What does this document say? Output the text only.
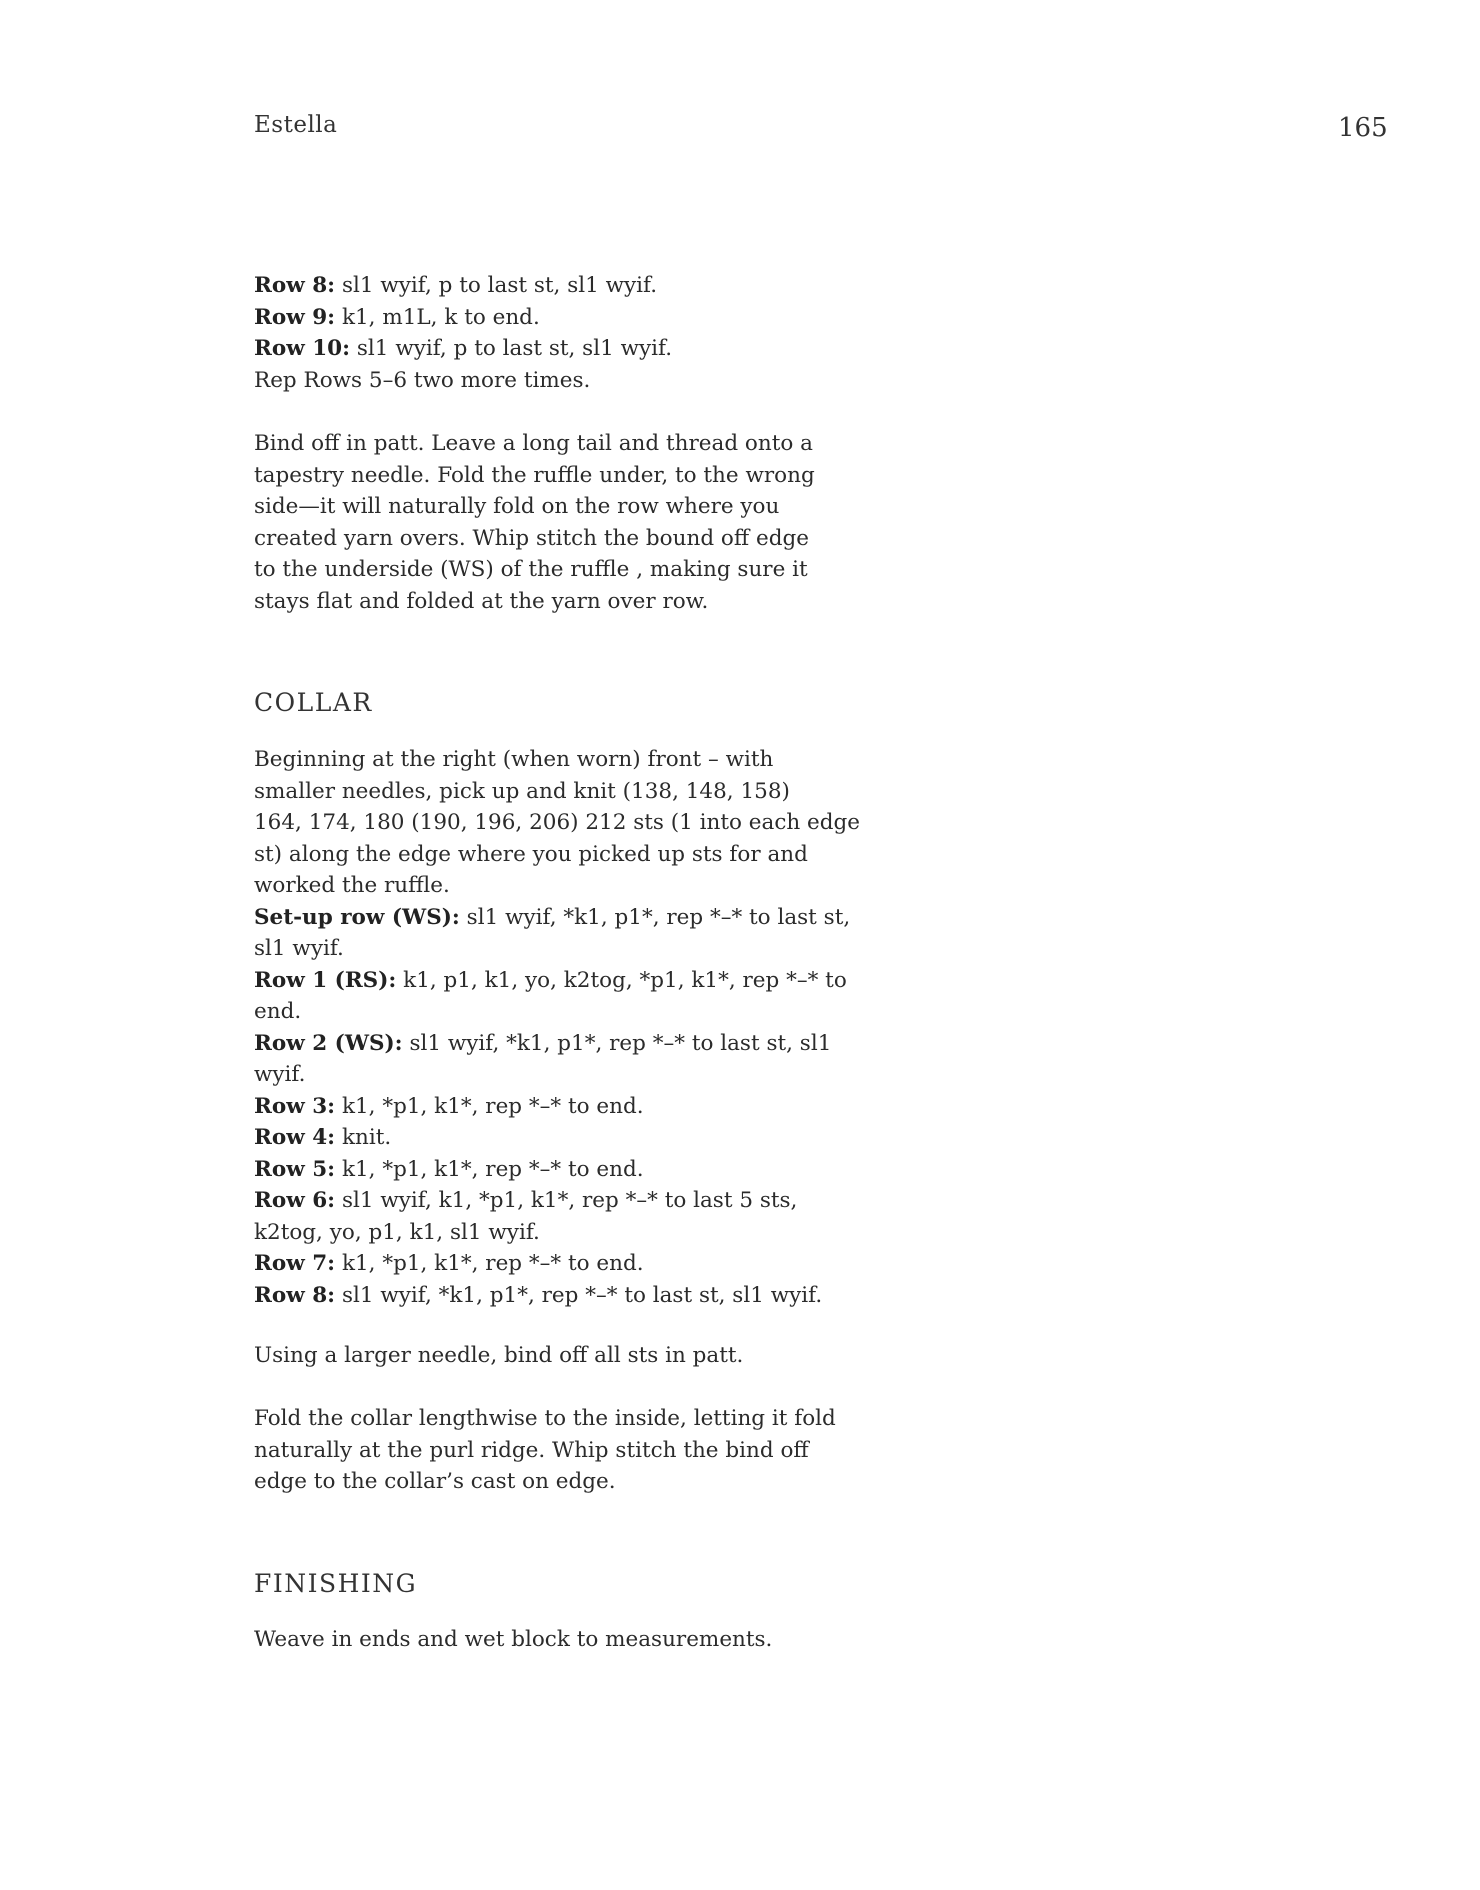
Estella	165
Row 8: sl1 wyif, p to last st, sl1 wyif.
Row 9: k1, m1L, k to end.
Row 10: sl1 wyif, p to last st, sl1 wyif.
Rep Rows 5–6 two more times.
Bind off in patt. Leave a long tail and thread onto a
tapestry needle. Fold the ruffle under, to the wrong
side—it will naturally fold on the row where you
created yarn overs. Whip stitch the bound off edge
to the underside (WS) of the ruffle , making sure it
stays flat and folded at the yarn over row.
COLLAR
Beginning at the right (when worn) front – with
smaller needles, pick up and knit (138, 148, 158)
164, 174, 180 (190, 196, 206) 212 sts (1 into each edge
st) along the edge where you picked up sts for and
worked the ruffle.
Set-up row (WS): sl1 wyif, *k1, p1*, rep *–* to last st,
sl1 wyif.
Row 1 (RS): k1, p1, k1, yo, k2tog, *p1, k1*, rep *–* to
end.
Row 2 (WS): sl1 wyif, *k1, p1*, rep *–* to last st, sl1
wyif.
Row 3: k1, *p1, k1*, rep *–* to end.
Row 4: knit.
Row 5: k1, *p1, k1*, rep *–* to end.
Row 6: sl1 wyif, k1, *p1, k1*, rep *–* to last 5 sts,
k2tog, yo, p1, k1, sl1 wyif.
Row 7: k1, *p1, k1*, rep *–* to end.
Row 8: sl1 wyif, *k1, p1*, rep *–* to last st, sl1 wyif.
Using a larger needle, bind off all sts in patt.
Fold the collar lengthwise to the inside, letting it fold
naturally at the purl ridge. Whip stitch the bind off
edge to the collar’s cast on edge.
FINISHING
Weave in ends and wet block to measurements.
